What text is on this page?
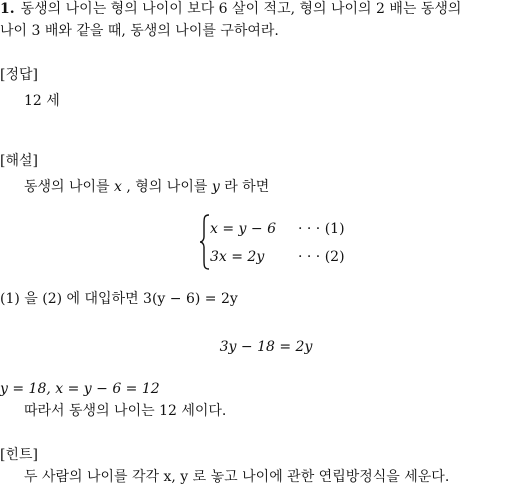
1. 동생의 나이는 형의 나이이 보다 6 살이 적고, 형의 나이의 2 배는 동생의
나이 3 배와 같을 때, 동생의 나이를 구하여라.
[정답]
12 세
[해설]
동생의 나이를 x , 형의 나이를 y 라 하면
x = y − 6 · · · (1)
3x = 2y · · · (2)
(1) 을 (2) 에 대입하면 3(y − 6) = 2y
3y − 18 = 2y
y = 18, x = y − 6 = 12
따라서 동생의 나이는 12 세이다.
[힌트]
두 사람의 나이를 각각 x, y 로 놓고 나이에 관한 연립방정식을 세운다.
